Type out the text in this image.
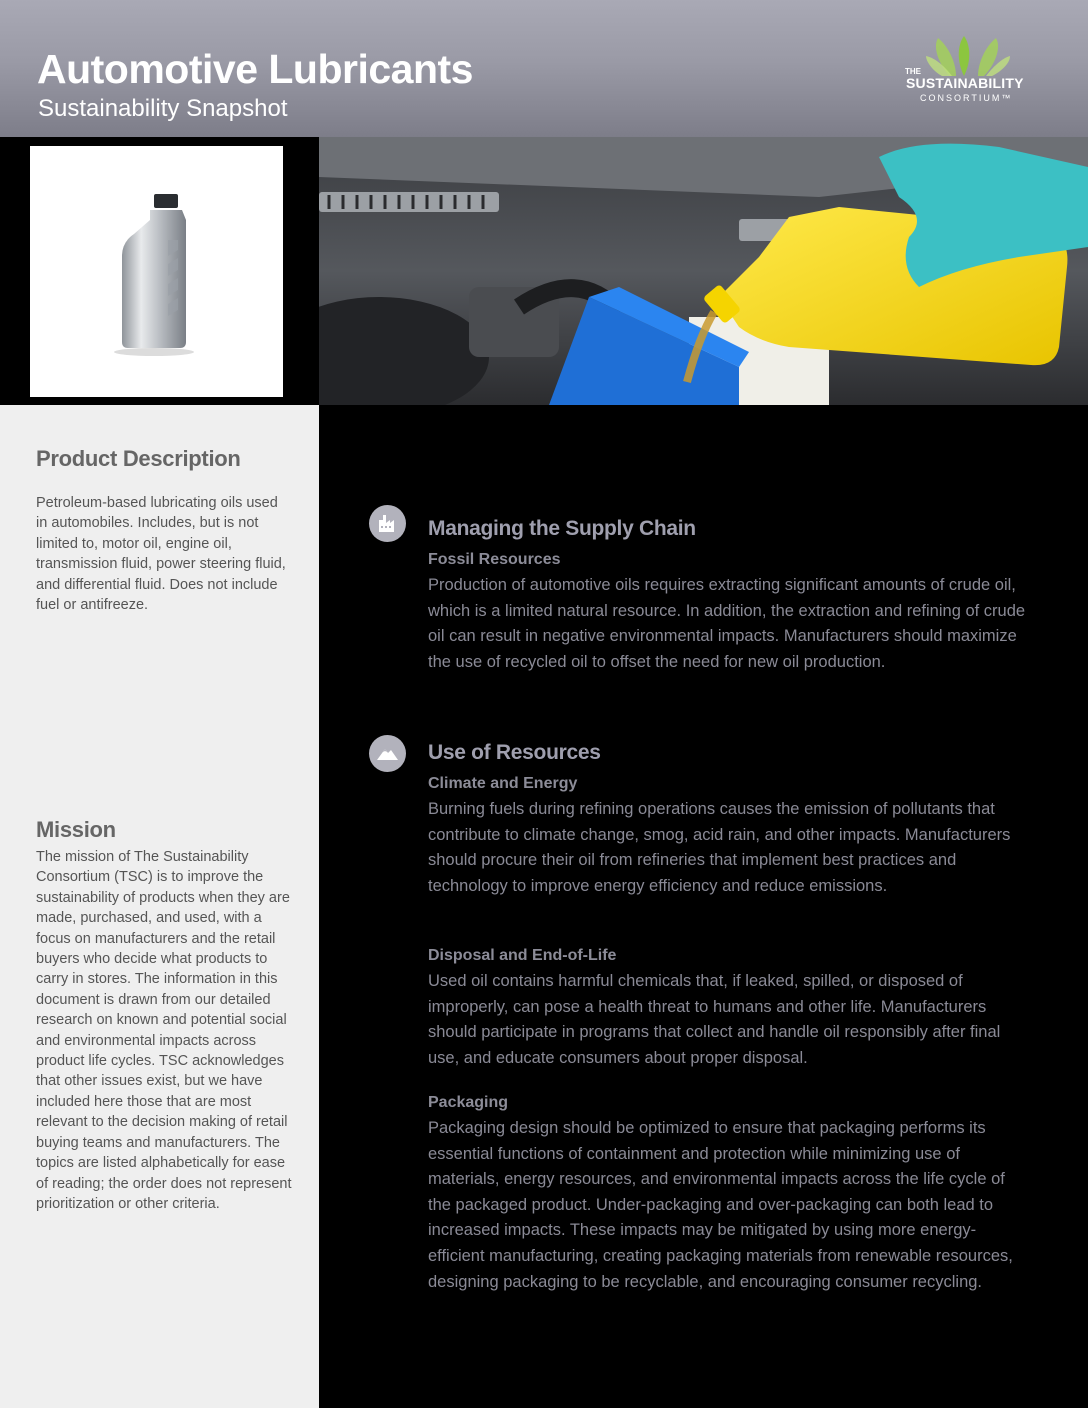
Automotive Lubricants
Sustainability Snapshot
THE
SUSTAINABILITY
CONSORTIUM™
Product Description

Petroleum-based lubricating oils used in automobiles. Includes, but is not limited to, motor oil, engine oil, transmission fluid, power steering fluid, and differential fluid. Does not include fuel or antifreeze.

Mission

The mission of The Sustainability Consortium (TSC) is to improve the sustainability of products when they are made, purchased, and used, with a focus on manufacturers and the retail buyers who decide what products to carry in stores. The information in this document is drawn from our detailed research on known and potential social and environmental impacts across product life cycles. TSC acknowledges that other issues exist, but we have included here those that are most relevant to the decision making of retail buying teams and manufacturers. The topics are listed alphabetically for ease of reading; the order does not represent prioritization or other criteria.

Managing the Supply Chain
Fossil Resources

Production of automotive oils requires extracting significant amounts of crude oil, which is a limited natural resource. In addition, the extraction and refining of crude oil can result in negative environmental impacts. Manufacturers should maximize the use of recycled oil to offset the need for new oil production.

Use of Resources
Climate and Energy

Burning fuels during refining operations causes the emission of pollutants that contribute to climate change, smog, acid rain, and other impacts. Manufacturers should procure their oil from refineries that implement best practices and technology to improve energy efficiency and reduce emissions.

Disposal and End-of-Life

Used oil contains harmful chemicals that, if leaked, spilled, or disposed of improperly, can pose a health threat to humans and other life. Manufacturers should participate in programs that collect and handle oil responsibly after final use, and educate consumers about proper disposal.

Packaging

Packaging design should be optimized to ensure that packaging performs its essential functions of containment and protection while minimizing use of materials, energy resources, and environmental impacts across the life cycle of the packaged product. Under-packaging and over-packaging can both lead to increased impacts. These impacts may be mitigated by using more energy-efficient manufacturing, creating packaging materials from renewable resources, designing packaging to be recyclable, and encouraging consumer recycling.
